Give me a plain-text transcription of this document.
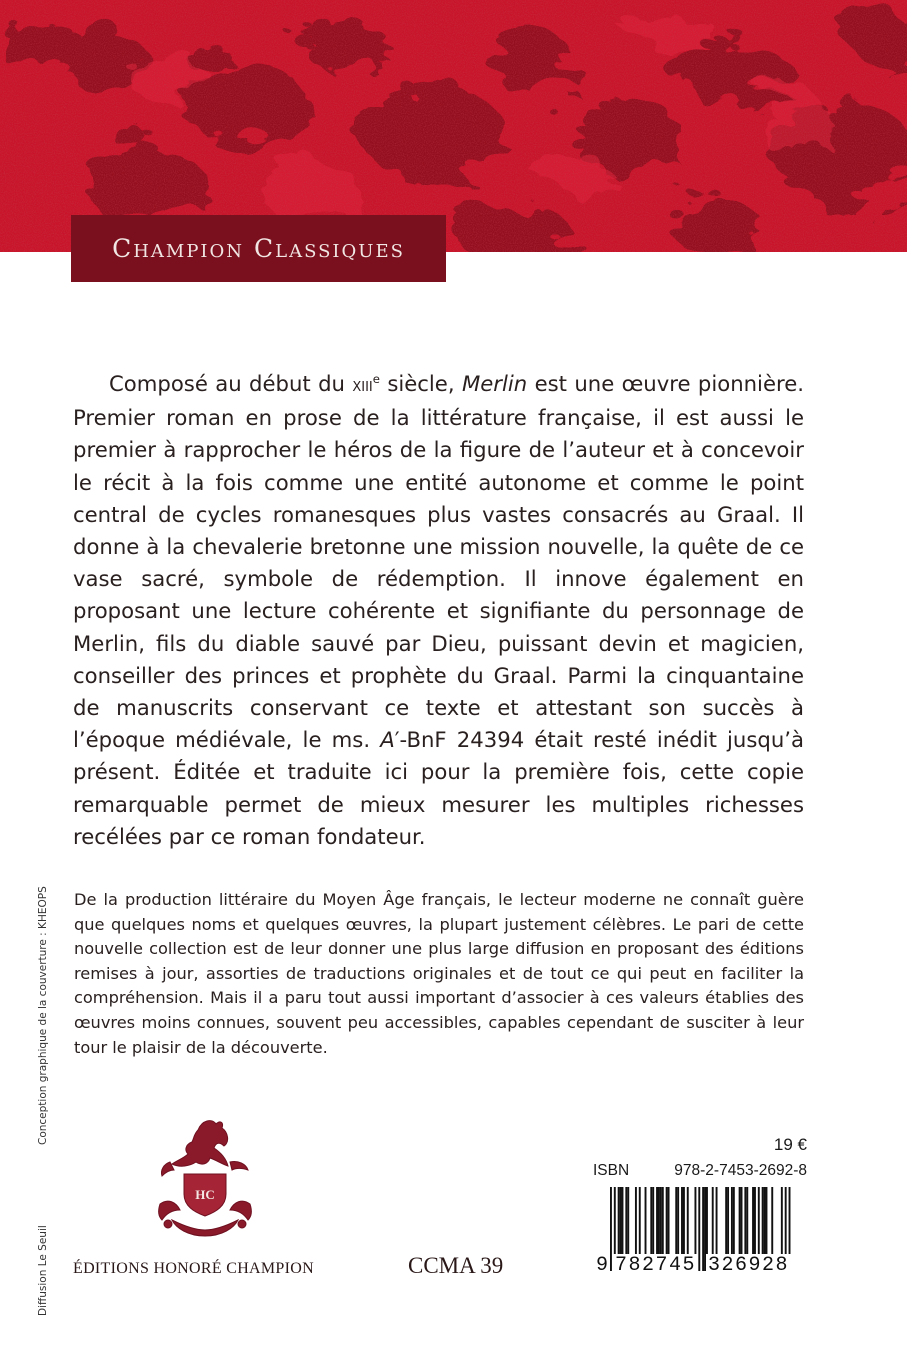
Champion Classiques

Composé au début du xiii$^e$ siècle, Merlin est une œuvre pionnière. Premier roman en prose de la littérature française, il est aussi le premier à rapprocher le héros de la figure de l’auteur et à concevoir le récit à la fois comme une entité autonome et comme le point central de cycles romanesques plus vastes consacrés au Graal. Il donne à la chevalerie bretonne une mission nouvelle, la quête de ce vase sacré, symbole de rédemption. Il innove également en proposant une lecture cohérente et signifiante du personnage de Merlin, fils du diable sauvé par Dieu, puissant devin et magicien, conseiller des princes et prophète du Graal. Parmi la cinquantaine de manuscrits conservant ce texte et attestant son succès à l’époque médiévale, le ms. A′-BnF 24394 était resté inédit jusqu’à présent. Éditée et traduite ici pour la première fois, cette copie remarquable permet de mieux mesurer les multiples richesses recélées par ce roman fondateur.

De la production littéraire du Moyen Âge français, le lecteur moderne ne connaît guère que quelques noms et quelques œuvres, la plupart justement célèbres. Le pari de cette nouvelle collection est de leur donner une plus large diffusion en proposant des éditions remises à jour, assorties de traductions originales et de tout ce qui peut en faciliter la compréhension. Mais il a paru tout aussi important d’associer à ces valeurs établies des œuvres moins connues, souvent peu accessibles, capables cependant de susciter à leur tour le plaisir de la découverte.

Conception graphique de la couverture : KHEOPS
Diffusion Le Seuil
HC
ÉDITIONS HONORÉ CHAMPION	CCMA 39
19 €
ISBN	978-2-7453-2692-8
9 782745 326928
